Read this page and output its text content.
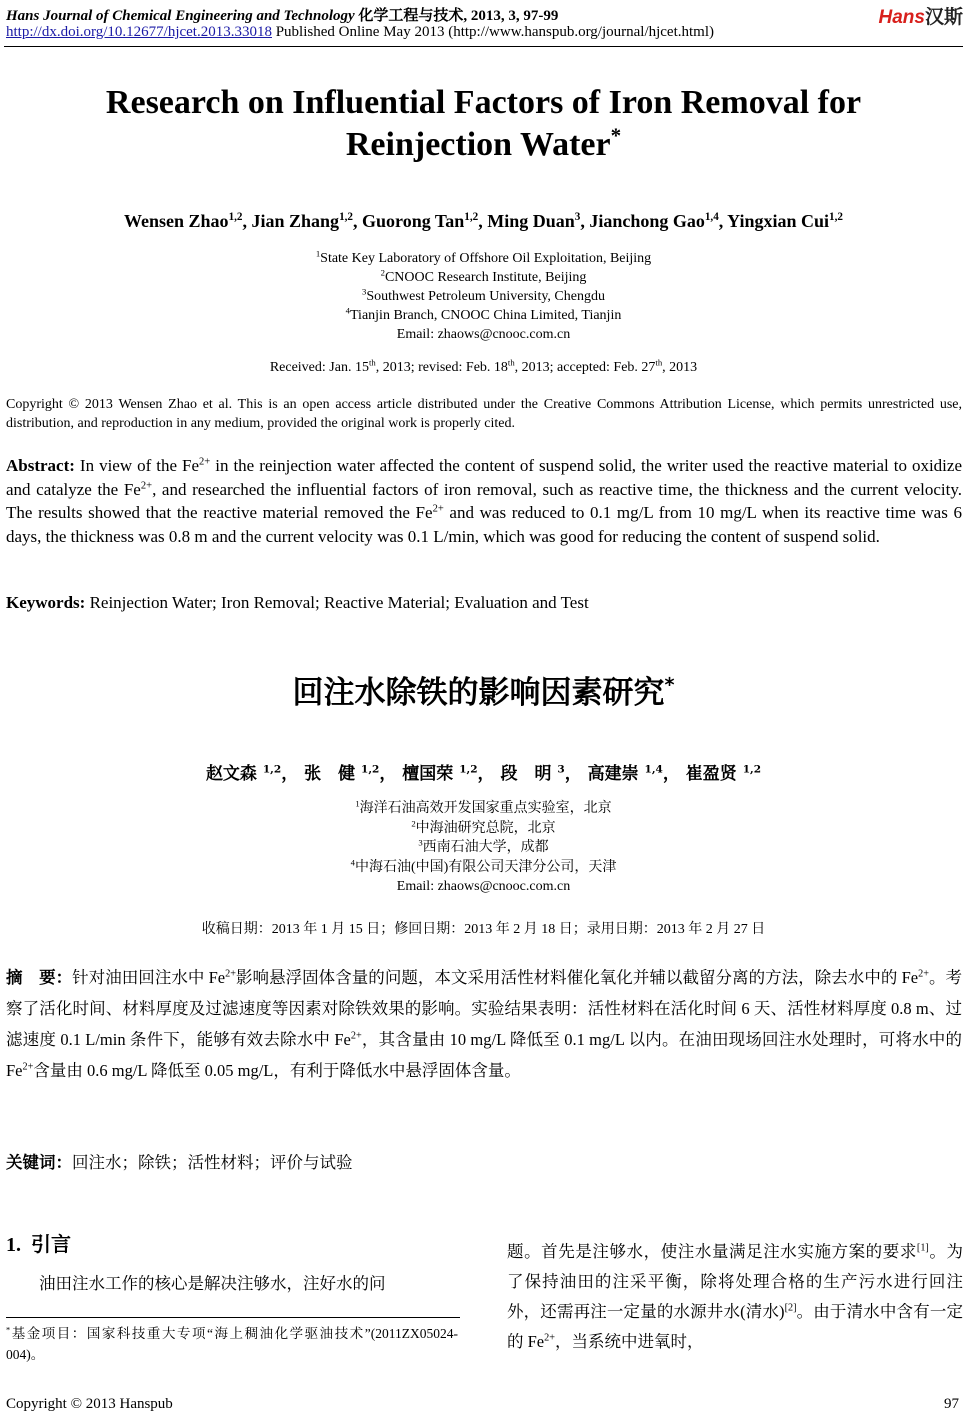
Hans Journal of Chemical Engineering and Technology 化学工程与技术, 2013, 3, 97-99
http://dx.doi.org/10.12677/hjcet.2013.33018 Published Online May 2013 (http://www.hanspub.org/journal/hjcet.html)
Hans汉斯
Research on Influential Factors of Iron Removal for
Reinjection Water*
Wensen Zhao$^{1,2}$, Jian Zhang$^{1,2}$, Guorong Tan$^{1,2}$, Ming Duan$^3$, Jianchong Gao$^{1,4}$, Yingxian Cui$^{1,2}$
$^1$State Key Laboratory of Offshore Oil Exploitation, Beijing
$^2$CNOOC Research Institute, Beijing
$^3$Southwest Petroleum University, Chengdu
$^4$Tianjin Branch, CNOOC China Limited, Tianjin
Email: zhaows@cnooc.com.cn
Received: Jan. 15th, 2013; revised: Feb. 18th, 2013; accepted: Feb. 27th, 2013
Copyright © 2013 Wensen Zhao et al. This is an open access article distributed under the Creative Commons Attribution License, which permits unrestricted use, distribution, and reproduction in any medium, provided the original work is properly cited.
Abstract: In view of the $Fe^{2+}$ in the reinjection water affected the content of suspend solid, the writer used the reactive material to oxidize and catalyze the $Fe^{2+}$, and researched the influential factors of iron removal, such as reactive time, the thickness and the current velocity. The results showed that the reactive material removed the $Fe^{2+}$ and was reduced to 0.1 mg/L from 10 mg/L when its reactive time was 6 days, the thickness was 0.8 m and the current velocity was 0.1 L/min, which was good for reducing the content of suspend solid.
Keywords: Reinjection Water; Iron Removal; Reactive Material; Evaluation and Test
回注水除铁的影响因素研究*
赵文森 $^{1,2}$， 张　健 $^{1,2}$， 檀国荣 $^{1,2}$， 段　明 $^3$， 高建崇 $^{1,4}$， 崔盈贤 $^{1,2}$
$^1$海洋石油高效开发国家重点实验室，北京
$^2$中海油研究总院，北京
$^3$西南石油大学，成都
$^4$中海石油(中国)有限公司天津分公司，天津
Email: zhaows@cnooc.com.cn
收稿日期：2013 年 1 月 15 日；修回日期：2013 年 2 月 18 日；录用日期：2013 年 2 月 27 日
摘　要：针对油田回注水中 $Fe^{2+}$影响悬浮固体含量的问题，本文采用活性材料催化氧化并辅以截留分离的方法，除去水中的 $Fe^{2+}$。考察了活化时间、材料厚度及过滤速度等因素对除铁效果的影响。实验结果表明：活性材料在活化时间 6 天、活性材料厚度 0.8 m、过滤速度 0.1 L/min 条件下，能够有效去除水中 $Fe^{2+}$，其含量由 10 mg/L 降低至 0.1 mg/L 以内。在油田现场回注水处理时，可将水中的 $Fe^{2+}$含量由 0.6 mg/L 降低至 0.05 mg/L，有利于降低水中悬浮固体含量。
关键词：回注水；除铁；活性材料；评价与试验
1. 引言

油田注水工作的核心是解决注够水，注好水的问

*基金项目：国家科技重大专项“海上稠油化学驱油技术”(2011ZX05024-004)。
题。首先是注够水，使注水量满足注水实施方案的要求[1]。为了保持油田的注采平衡，除将处理合格的生产污水进行回注外，还需再注一定量的水源井水(清水)[2]。由于清水中含有一定的 $Fe^{2+}$，当系统中进氧时，
Copyright © 2013 Hanspub	97
